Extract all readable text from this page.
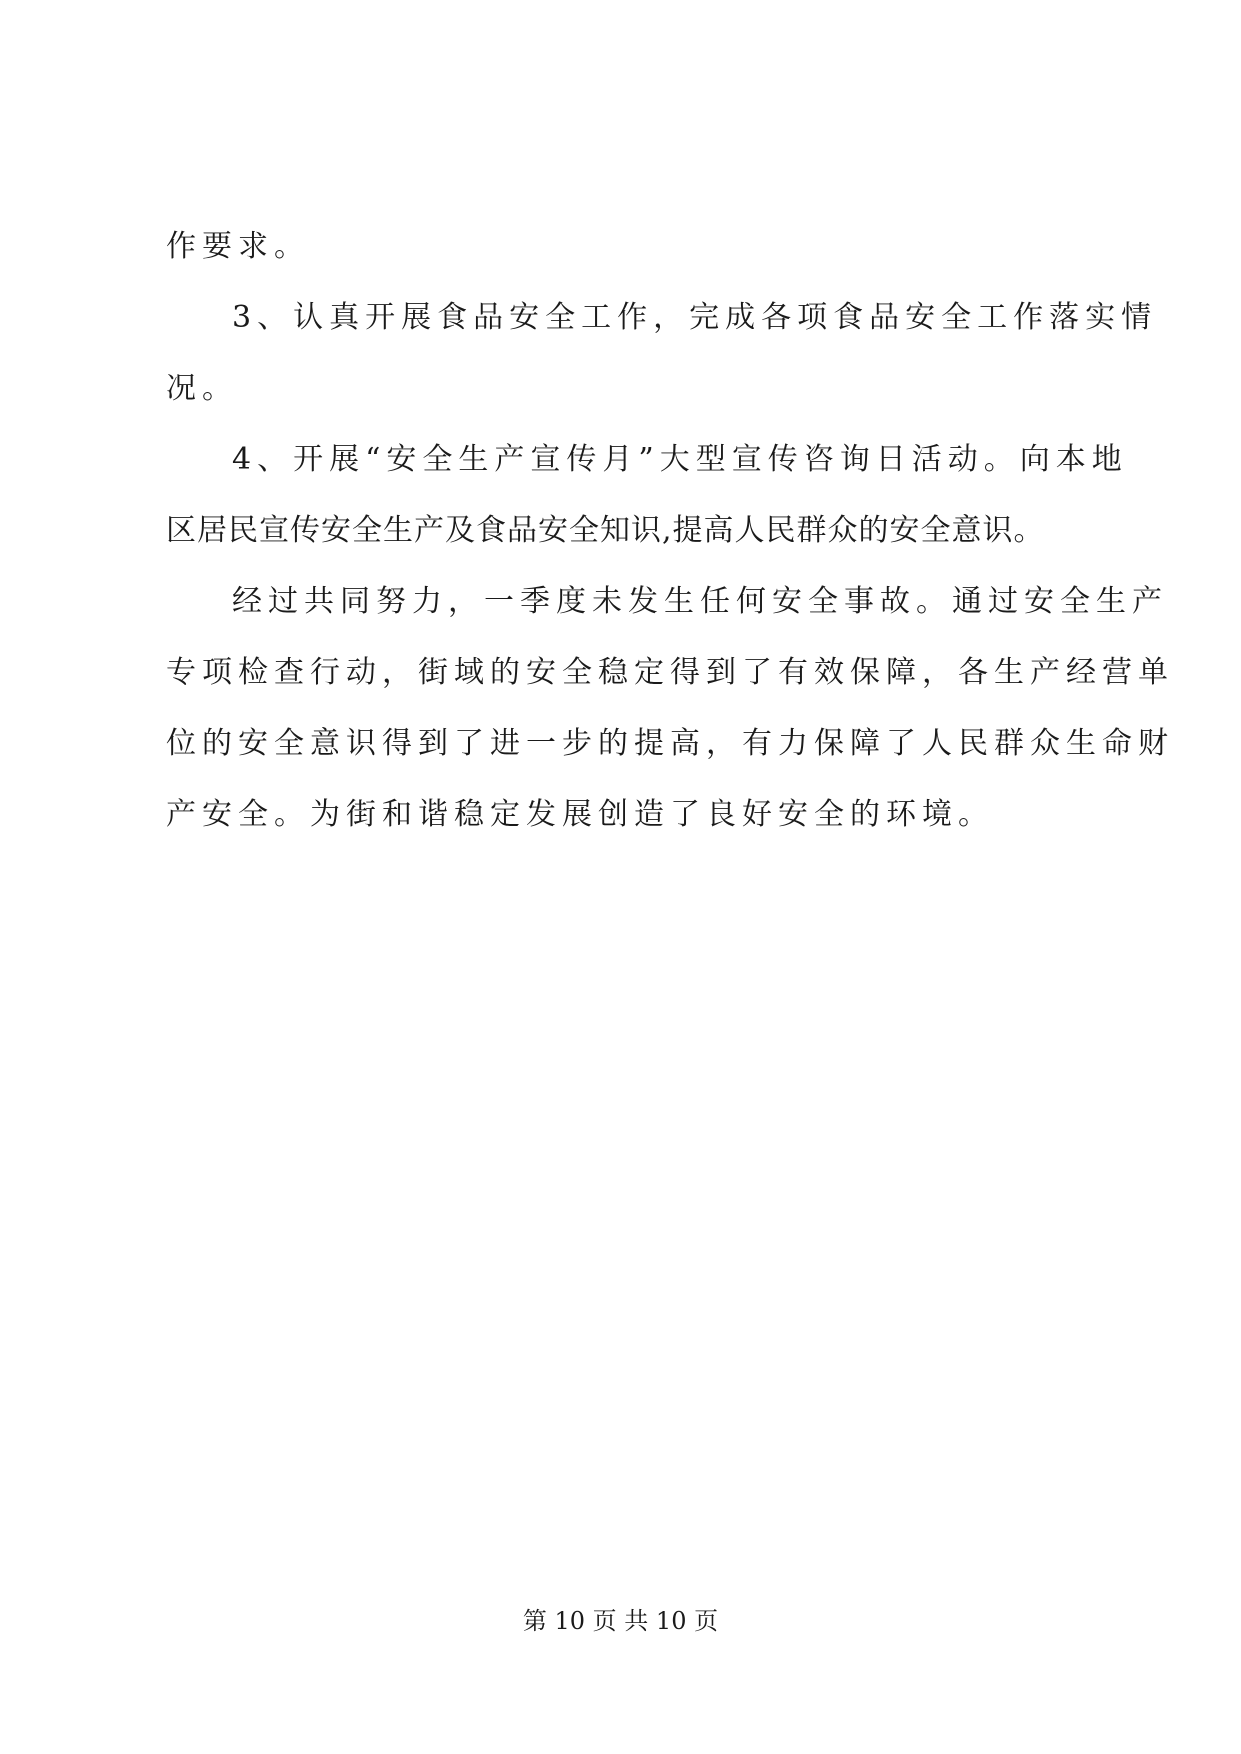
作要求。
3、认真开展食品安全工作，完成各项食品安全工作落实情
况。
4、开展“安全生产宣传月”大型宣传咨询日活动。向本地
区居民宣传安全生产及食品安全知识,提高人民群众的安全意识。
经过共同努力，一季度未发生任何安全事故。通过安全生产
专项检查行动，街域的安全稳定得到了有效保障，各生产经营单
位的安全意识得到了进一步的提高，有力保障了人民群众生命财
产安全。为街和谐稳定发展创造了良好安全的环境。
第 10 页 共 10 页
